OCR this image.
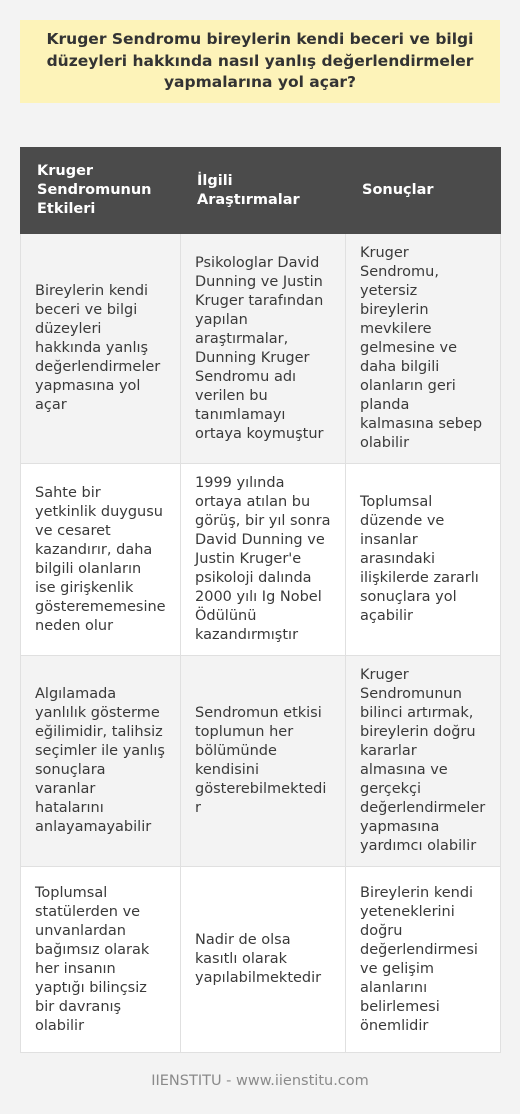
Kruger Sendromu bireylerin kendi beceri ve bilgi düzeyleri hakkında nasıl yanlış değerlendirmeler yapmalarına yol açar?
Kruger Sendromunun Etkileri	İlgili Araştırmalar	Sonuçlar
Bireylerin kendi beceri ve bilgi düzeyleri hakkında yanlış değerlendirmeler yapmasına yol açar	Psikologlar David Dunning ve Justin Kruger tarafından yapılan araştırmalar, Dunning Kruger Sendromu adı verilen bu tanımlamayı ortaya koymuştur	Kruger Sendromu, yetersiz bireylerin mevkilere gelmesine ve daha bilgili olanların geri planda kalmasına sebep olabilir
Sahte bir yetkinlik duygusu ve cesaret kazandırır, daha bilgili olanların ise girişkenlik gösterememesine neden olur	1999 yılında ortaya atılan bu görüş, bir yıl sonra David Dunning ve Justin Kruger'e psikoloji dalında 2000 yılı Ig Nobel Ödülünü kazandırmıştır	Toplumsal düzende ve insanlar arasındaki ilişkilerde zararlı sonuçlara yol açabilir
Algılamada yanlılık gösterme eğilimidir, talihsiz seçimler ile yanlış sonuçlara varanlar hatalarını anlayamayabilir	Sendromun etkisi toplumun her bölümünde kendisini gösterebilmektedir	Kruger Sendromunun bilinci artırmak, bireylerin doğru kararlar almasına ve gerçekçi değerlendirmeler yapmasına yardımcı olabilir
Toplumsal statülerden ve unvanlardan bağımsız olarak her insanın yaptığı bilinçsiz bir davranış olabilir	Nadir de olsa kasıtlı olarak yapılabilmektedir	Bireylerin kendi yeteneklerini doğru değerlendirmesi ve gelişim alanlarını belirlemesi önemlidir
IIENSTITU - www.iienstitu.com
